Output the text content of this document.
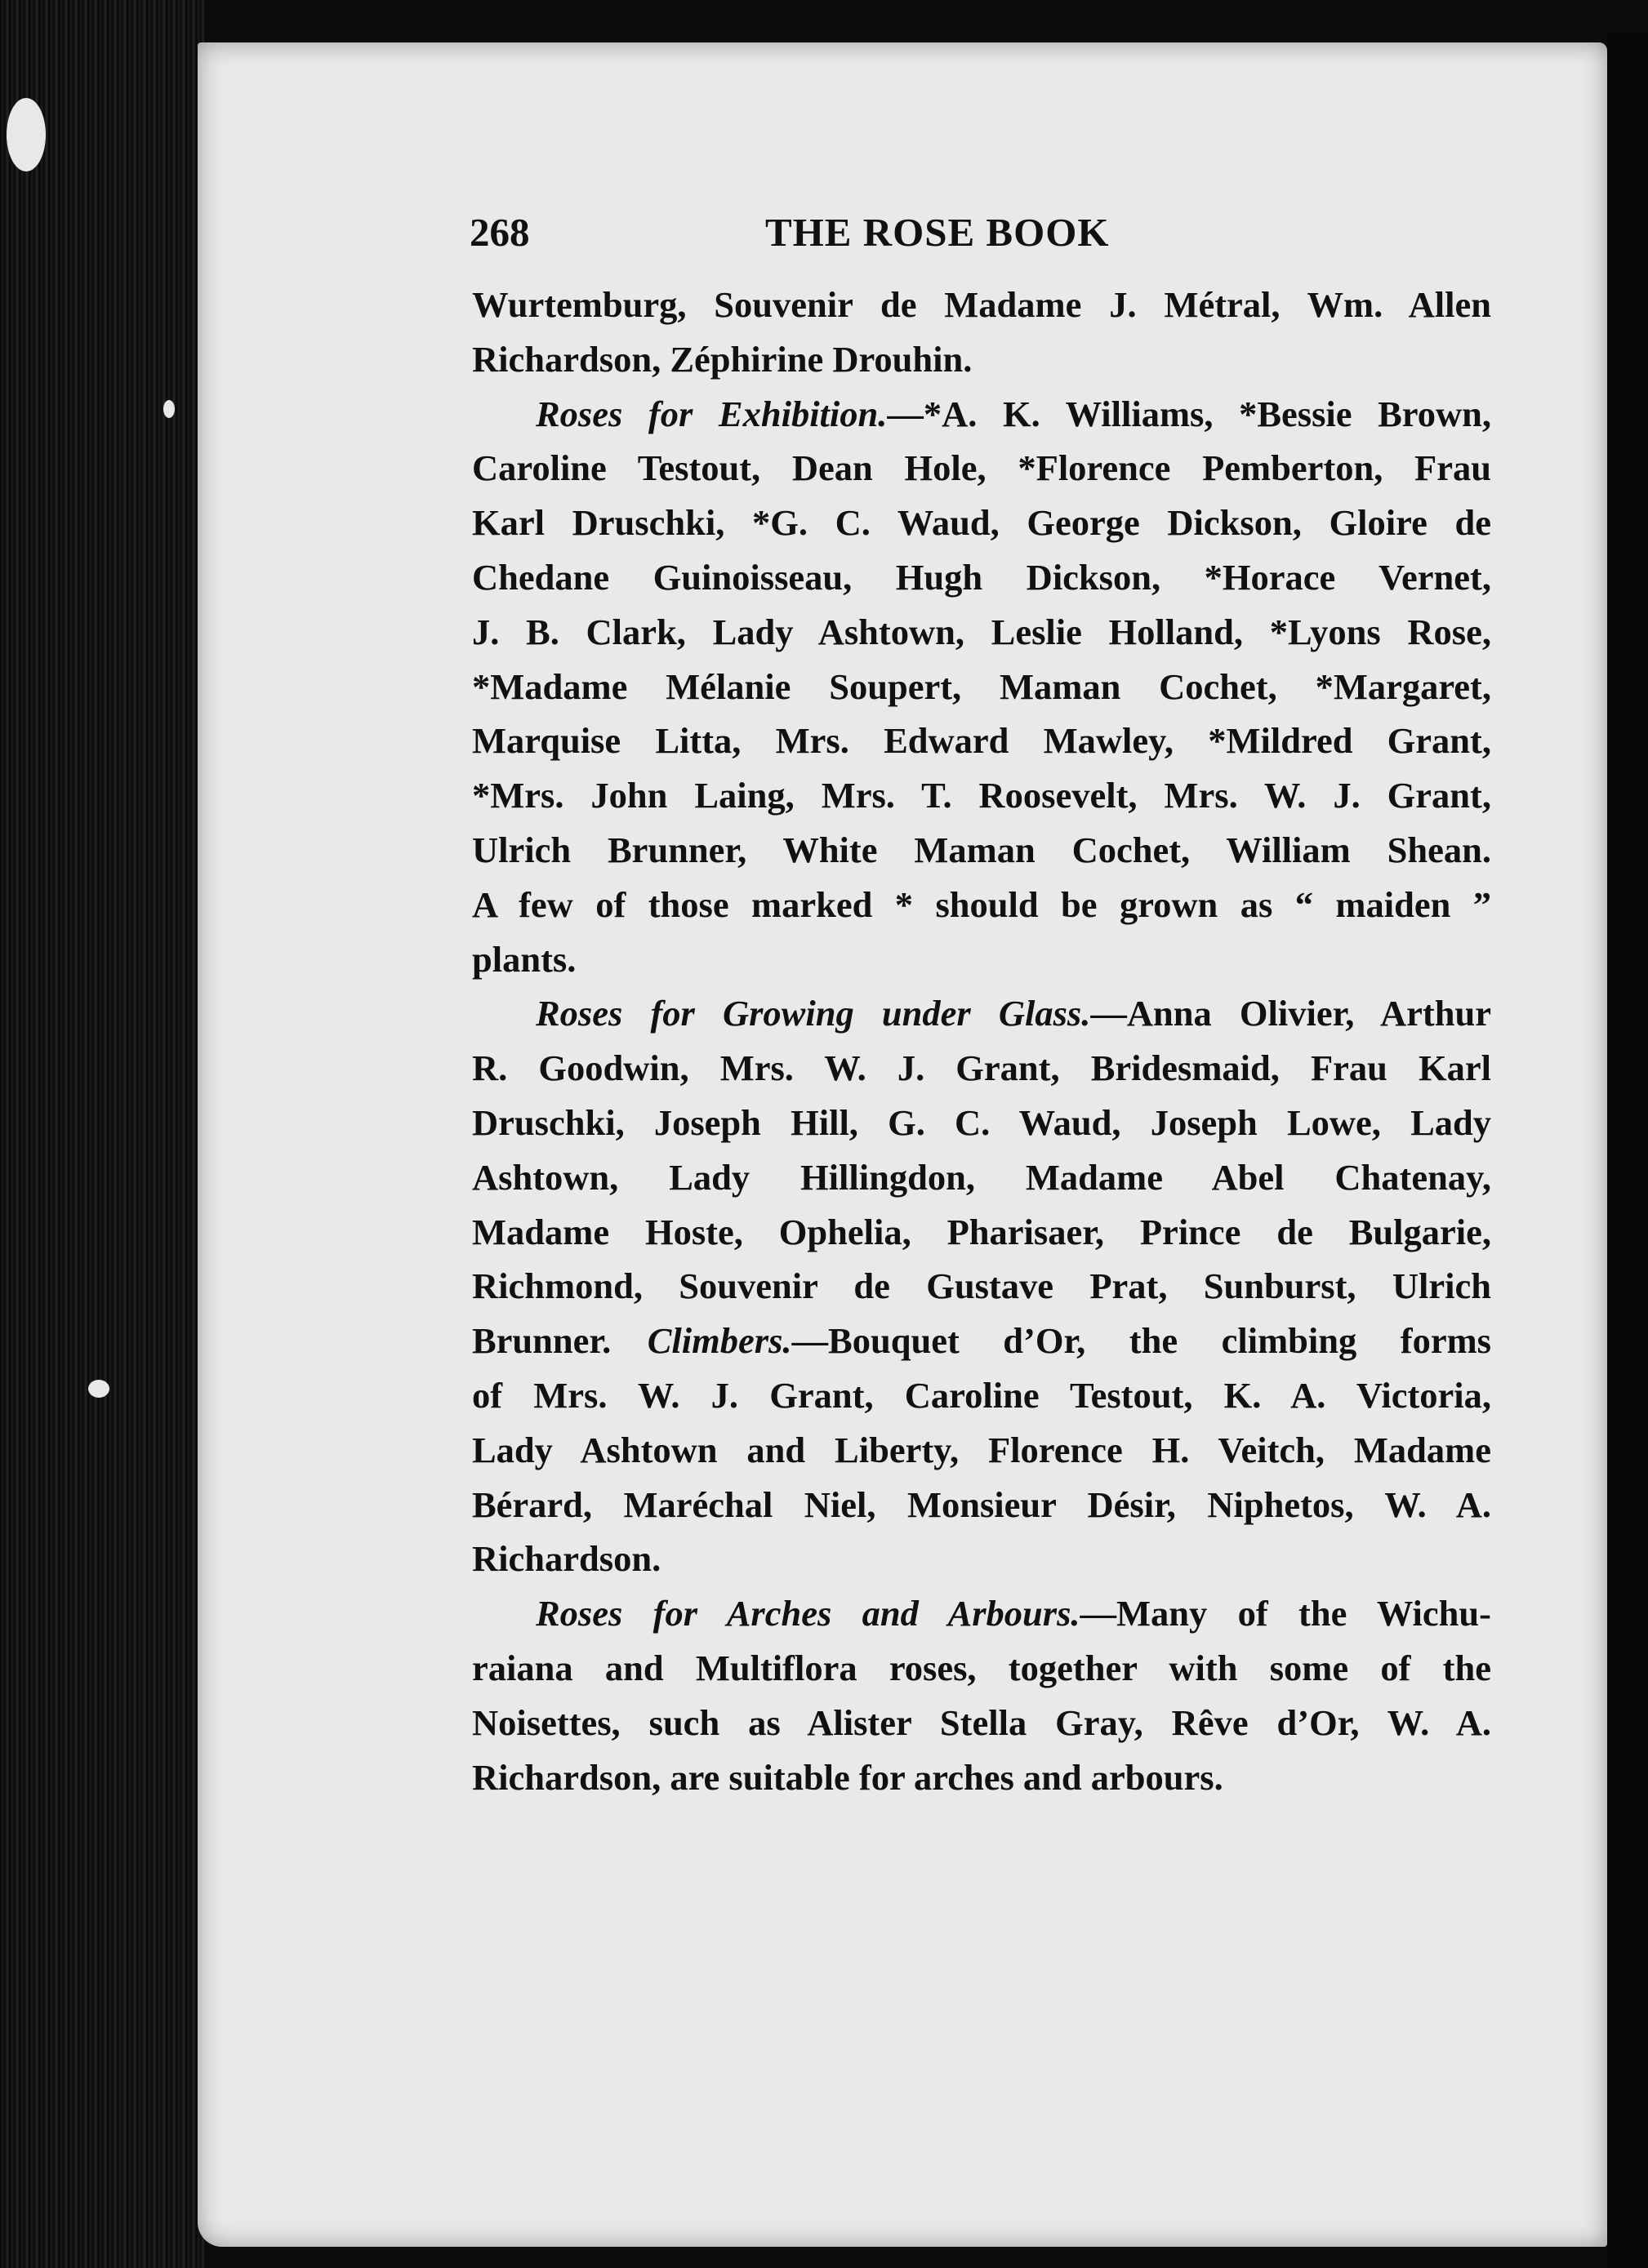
268	THE ROSE BOOK

Wurtemburg, Souvenir de Madame J. Métral, Wm. Allen
Richardson, Zéphirine Drouhin.

Roses for Exhibition.—*A. K. Williams, *Bessie Brown,
Caroline Testout, Dean Hole, *Florence Pemberton, Frau
Karl Druschki, *G. C. Waud, George Dickson, Gloire de
Chedane Guinoisseau, Hugh Dickson, *Horace Vernet,
J. B. Clark, Lady Ashtown, Leslie Holland, *Lyons Rose,
*Madame Mélanie Soupert, Maman Cochet, *Margaret,
Marquise Litta, Mrs. Edward Mawley, *Mildred Grant,
*Mrs. John Laing, Mrs. T. Roosevelt, Mrs. W. J. Grant,
Ulrich Brunner, White Maman Cochet, William Shean.
A few of those marked * should be grown as “ maiden ”
plants.

Roses for Growing under Glass.—Anna Olivier, Arthur
R. Goodwin, Mrs. W. J. Grant, Bridesmaid, Frau Karl
Druschki, Joseph Hill, G. C. Waud, Joseph Lowe, Lady
Ashtown, Lady Hillingdon, Madame Abel Chatenay,
Madame Hoste, Ophelia, Pharisaer, Prince de Bulgarie,
Richmond, Souvenir de Gustave Prat, Sunburst, Ulrich
Brunner.  Climbers.—Bouquet d’Or, the climbing forms
of Mrs. W. J. Grant, Caroline Testout, K. A. Victoria,
Lady Ashtown and Liberty, Florence H. Veitch, Madame
Bérard, Maréchal Niel, Monsieur Désir, Niphetos, W. A.
Richardson.

Roses for Arches and Arbours.—Many of the Wichu-
raiana and Multiflora roses, together with some of the
Noisettes, such as Alister Stella Gray, Rêve d’Or, W. A.
Richardson, are suitable for arches and arbours.
